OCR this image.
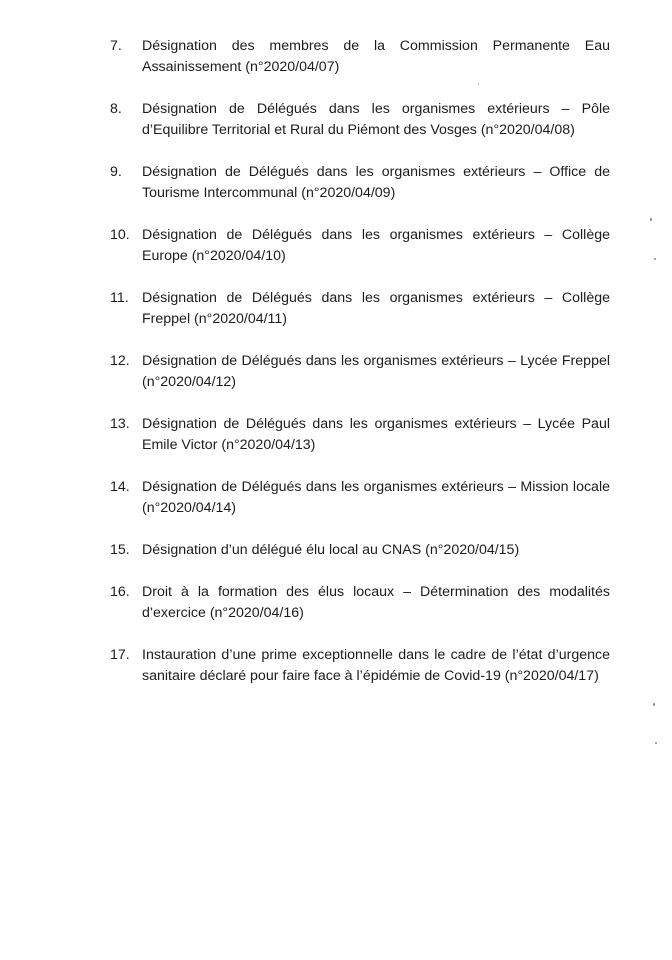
7.	Désignation des membres de la Commission Permanente Eau Assainissement (n°2020/04/07)
8.	Désignation de Délégués dans les organismes extérieurs – Pôle d’Equilibre Territorial et Rural du Piémont des Vosges (n°2020/04/08)
9.	Désignation de Délégués dans les organismes extérieurs – Office de Tourisme Intercommunal (n°2020/04/09)
10. Désignation de Délégués dans les organismes extérieurs – Collège Europe (n°2020/04/10)
11. Désignation de Délégués dans les organismes extérieurs – Collège Freppel (n°2020/04/11)
12. Désignation de Délégués dans les organismes extérieurs – Lycée Freppel (n°2020/04/12)
13. Désignation de Délégués dans les organismes extérieurs – Lycée Paul Emile Victor (n°2020/04/13)
14. Désignation de Délégués dans les organismes extérieurs – Mission locale (n°2020/04/14)
15. Désignation d’un délégué élu local au CNAS (n°2020/04/15)
16. Droit à la formation des élus locaux – Détermination des modalités d’exercice (n°2020/04/16)
17. Instauration d’une prime exceptionnelle dans le cadre de l’état d’urgence sanitaire déclaré pour faire face à l’épidémie de Covid-19 (n°2020/04/17)
